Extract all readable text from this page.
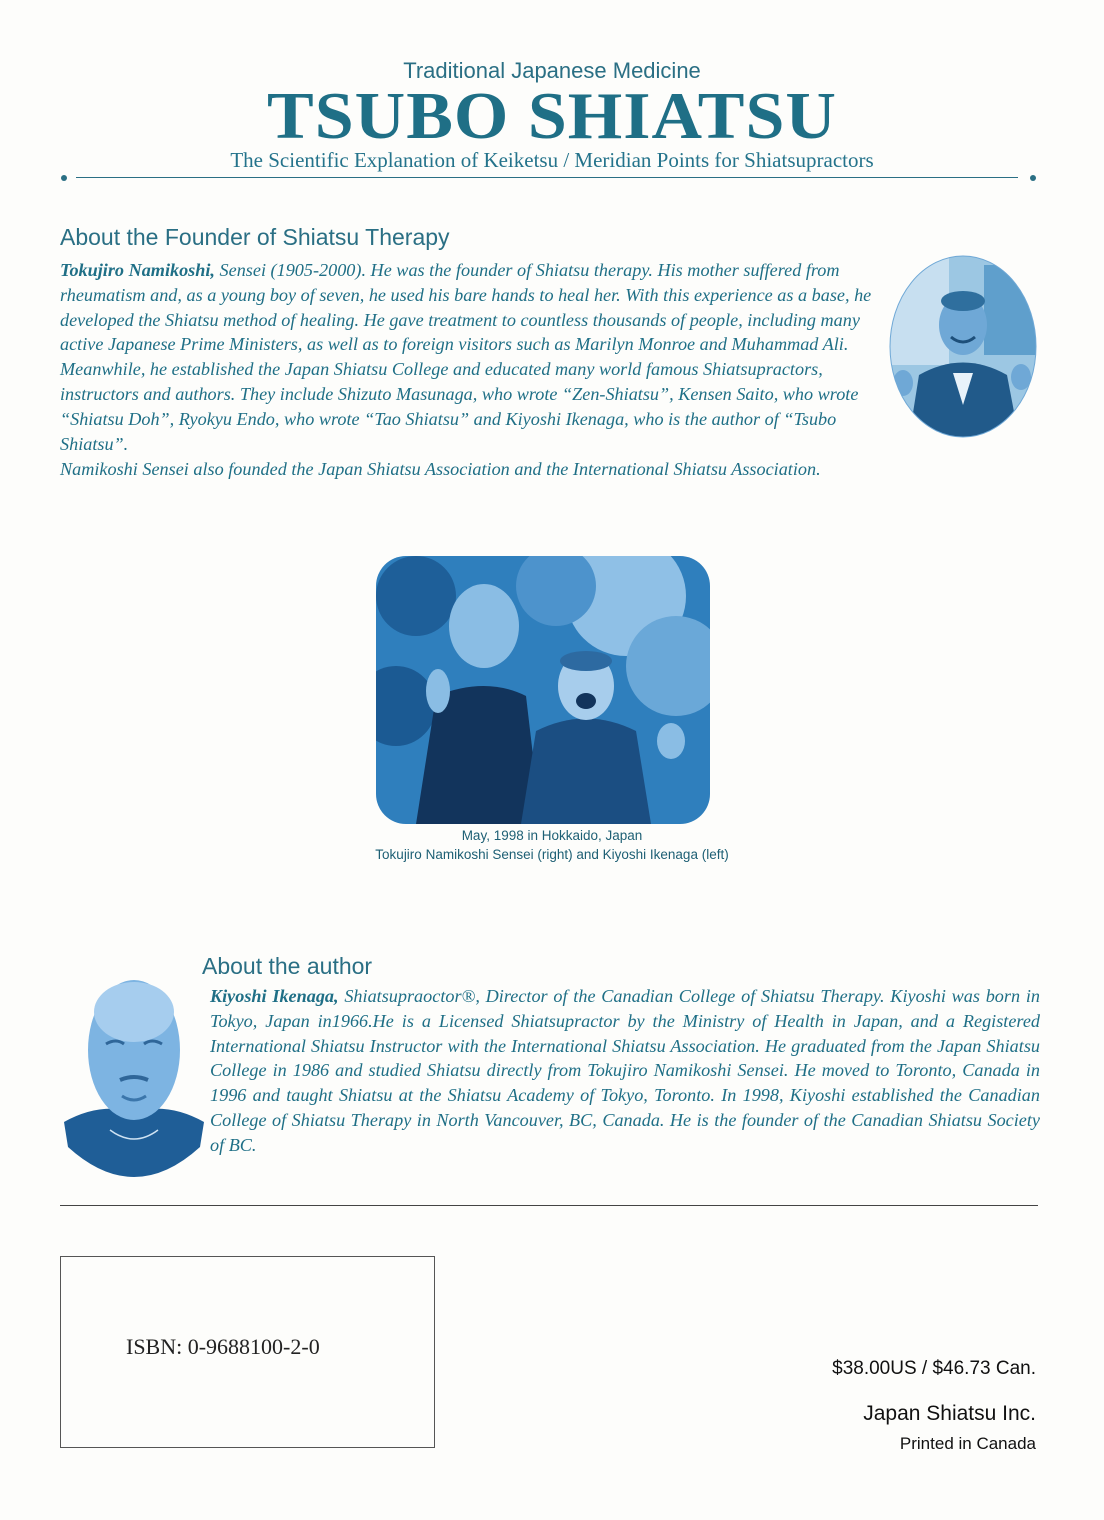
Traditional Japanese Medicine
TSUBO SHIATSU
The Scientific Explanation of Keiketsu / Meridian Points for Shiatsupractors
About the Founder of Shiatsu Therapy

Tokujiro Namikoshi, Sensei (1905-2000). He was the founder of Shiatsu therapy. His mother suffered from rheumatism and, as a young boy of seven, he used his bare hands to heal her. With this experience as a base, he developed the Shiatsu method of healing. He gave treatment to countless thousands of people, including many active Japanese Prime Ministers, as well as to foreign visitors such as Marilyn Monroe and Muhammad Ali. Meanwhile, he established the Japan Shiatsu College and educated many world famous Shiatsupractors, instructors and authors. They include Shizuto Masunaga, who wrote “Zen-Shiatsu”, Kensen Saito, who wrote “Shiatsu Doh”, Ryokyu Endo, who wrote “Tao Shiatsu” and Kiyoshi Ikenaga, who is the author of “Tsubo Shiatsu”.

Namikoshi Sensei also founded the Japan Shiatsu Association and the International Shiatsu Association.

May, 1998 in Hokkaido, Japan
Tokujiro Namikoshi Sensei (right) and Kiyoshi Ikenaga (left)
About the author

Kiyoshi Ikenaga, Shiatsupraoctor®, Director of the Canadian College of Shiatsu Therapy. Kiyoshi was born in Tokyo, Japan in1966.He is a Licensed Shiatsupractor by the Ministry of Health in Japan, and a Registered International Shiatsu Instructor with the International Shiatsu Association. He graduated from the Japan Shiatsu College in 1986 and studied Shiatsu directly from Tokujiro Namikoshi Sensei. He moved to Toronto, Canada in 1996 and taught Shiatsu at the Shiatsu Academy of Tokyo, Toronto. In 1998, Kiyoshi established the Canadian College of Shiatsu Therapy in North Vancouver, BC, Canada. He is the founder of the Canadian Shiatsu Society of BC.

ISBN: 0-9688100-2-0
$38.00US / $46.73 Can.
Japan Shiatsu Inc.
Printed in Canada
